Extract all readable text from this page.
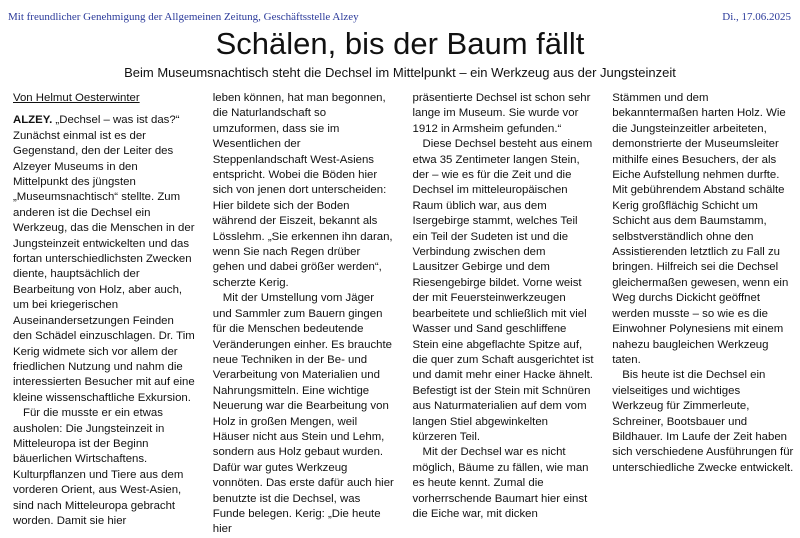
Mit freundlicher Genehmigung der Allgemeinen Zeitung, Geschäftsstelle Alzey	Di., 17.06.2025
Schälen, bis der Baum fällt
Beim Museumsnachtisch steht die Dechsel im Mittelpunkt – ein Werkzeug aus der Jungsteinzeit
Von Helmut Oesterwinter

ALZEY. „Dechsel – was ist das?“ Zunächst einmal ist es der Gegenstand, den der Leiter des Alzeyer Museums in den Mittelpunkt des jüngsten „Museumsnachtisch“ stellte. Zum anderen ist die Dechsel ein Werkzeug, das die Menschen in der Jungsteinzeit entwickelten und das fortan unterschiedlichsten Zwecken diente, hauptsächlich der Bearbeitung von Holz, aber auch, um bei kriegerischen Auseinandersetzungen Feinden den Schädel einzuschlagen. Dr. Tim Kerig widmete sich vor allem der friedlichen Nutzung und nahm die interessierten Besucher mit auf eine kleine wissenschaftliche Exkursion.

Für die musste er ein etwas ausholen: Die Jungsteinzeit in Mitteleuropa ist der Beginn bäuerlichen Wirtschaftens. Kulturpflanzen und Tiere aus dem vorderen Orient, aus West-Asien, sind nach Mitteleuropa gebracht worden. Damit sie hier

leben können, hat man begonnen, die Naturlandschaft so umzuformen, dass sie im Wesentlichen der Steppenlandschaft West-Asiens entspricht. Wobei die Böden hier sich von jenen dort unterscheiden: Hier bildete sich der Boden während der Eiszeit, bekannt als Lösslehm. „Sie erkennen ihn daran, wenn Sie nach Regen drüber gehen und dabei größer werden“, scherzte Kerig.

Mit der Umstellung vom Jäger und Sammler zum Bauern gingen für die Menschen bedeutende Veränderungen einher. Es brauchte neue Techniken in der Be- und Verarbeitung von Materialien und Nahrungsmitteln. Eine wichtige Neuerung war die Bearbeitung von Holz in großen Mengen, weil Häuser nicht aus Stein und Lehm, sondern aus Holz gebaut wurden. Dafür war gutes Werkzeug vonnöten. Das erste dafür auch hier benutzte ist die Dechsel, was Funde belegen. Kerig: „Die heute hier

präsentierte Dechsel ist schon sehr lange im Museum. Sie wurde vor 1912 in Armsheim gefunden.“

Diese Dechsel besteht aus einem etwa 35 Zentimeter langen Stein, der – wie es für die Zeit und die Dechsel im mitteleuropäischen Raum üblich war, aus dem Isergebirge stammt, welches Teil ein Teil der Sudeten ist und die Verbindung zwischen dem Lausitzer Gebirge und dem Riesengebirge bildet. Vorne weist der mit Feuersteinwerkzeugen bearbeitete und schließlich mit viel Wasser und Sand geschliffene Stein eine abgeflachte Spitze auf, die quer zum Schaft ausgerichtet ist und damit mehr einer Hacke ähnelt. Befestigt ist der Stein mit Schnüren aus Naturmaterialien auf dem vom langen Stiel abgewinkelten kürzeren Teil.

Mit der Dechsel war es nicht möglich, Bäume zu fällen, wie man es heute kennt. Zumal die vorherrschende Baumart hier einst die Eiche war, mit dicken

Stämmen und dem bekanntermaßen harten Holz. Wie die Jungsteinzeitler arbeiteten, demonstrierte der Museumsleiter mithilfe eines Besuchers, der als Eiche Aufstellung nehmen durfte. Mit gebührendem Abstand schälte Kerig großflächig Schicht um Schicht aus dem Baumstamm, selbstverständlich ohne den Assistierenden letztlich zu Fall zu bringen. Hilfreich sei die Dechsel gleichermaßen gewesen, wenn ein Weg durchs Dickicht geöffnet werden musste – so wie es die Einwohner Polynesiens mit einem nahezu baugleichen Werkzeug taten.

Bis heute ist die Dechsel ein vielseitiges und wichtiges Werkzeug für Zimmerleute, Schreiner, Bootsbauer und Bildhauer. Im Laufe der Zeit haben sich verschiedene Ausführungen für unterschiedliche Zwecke entwickelt.
